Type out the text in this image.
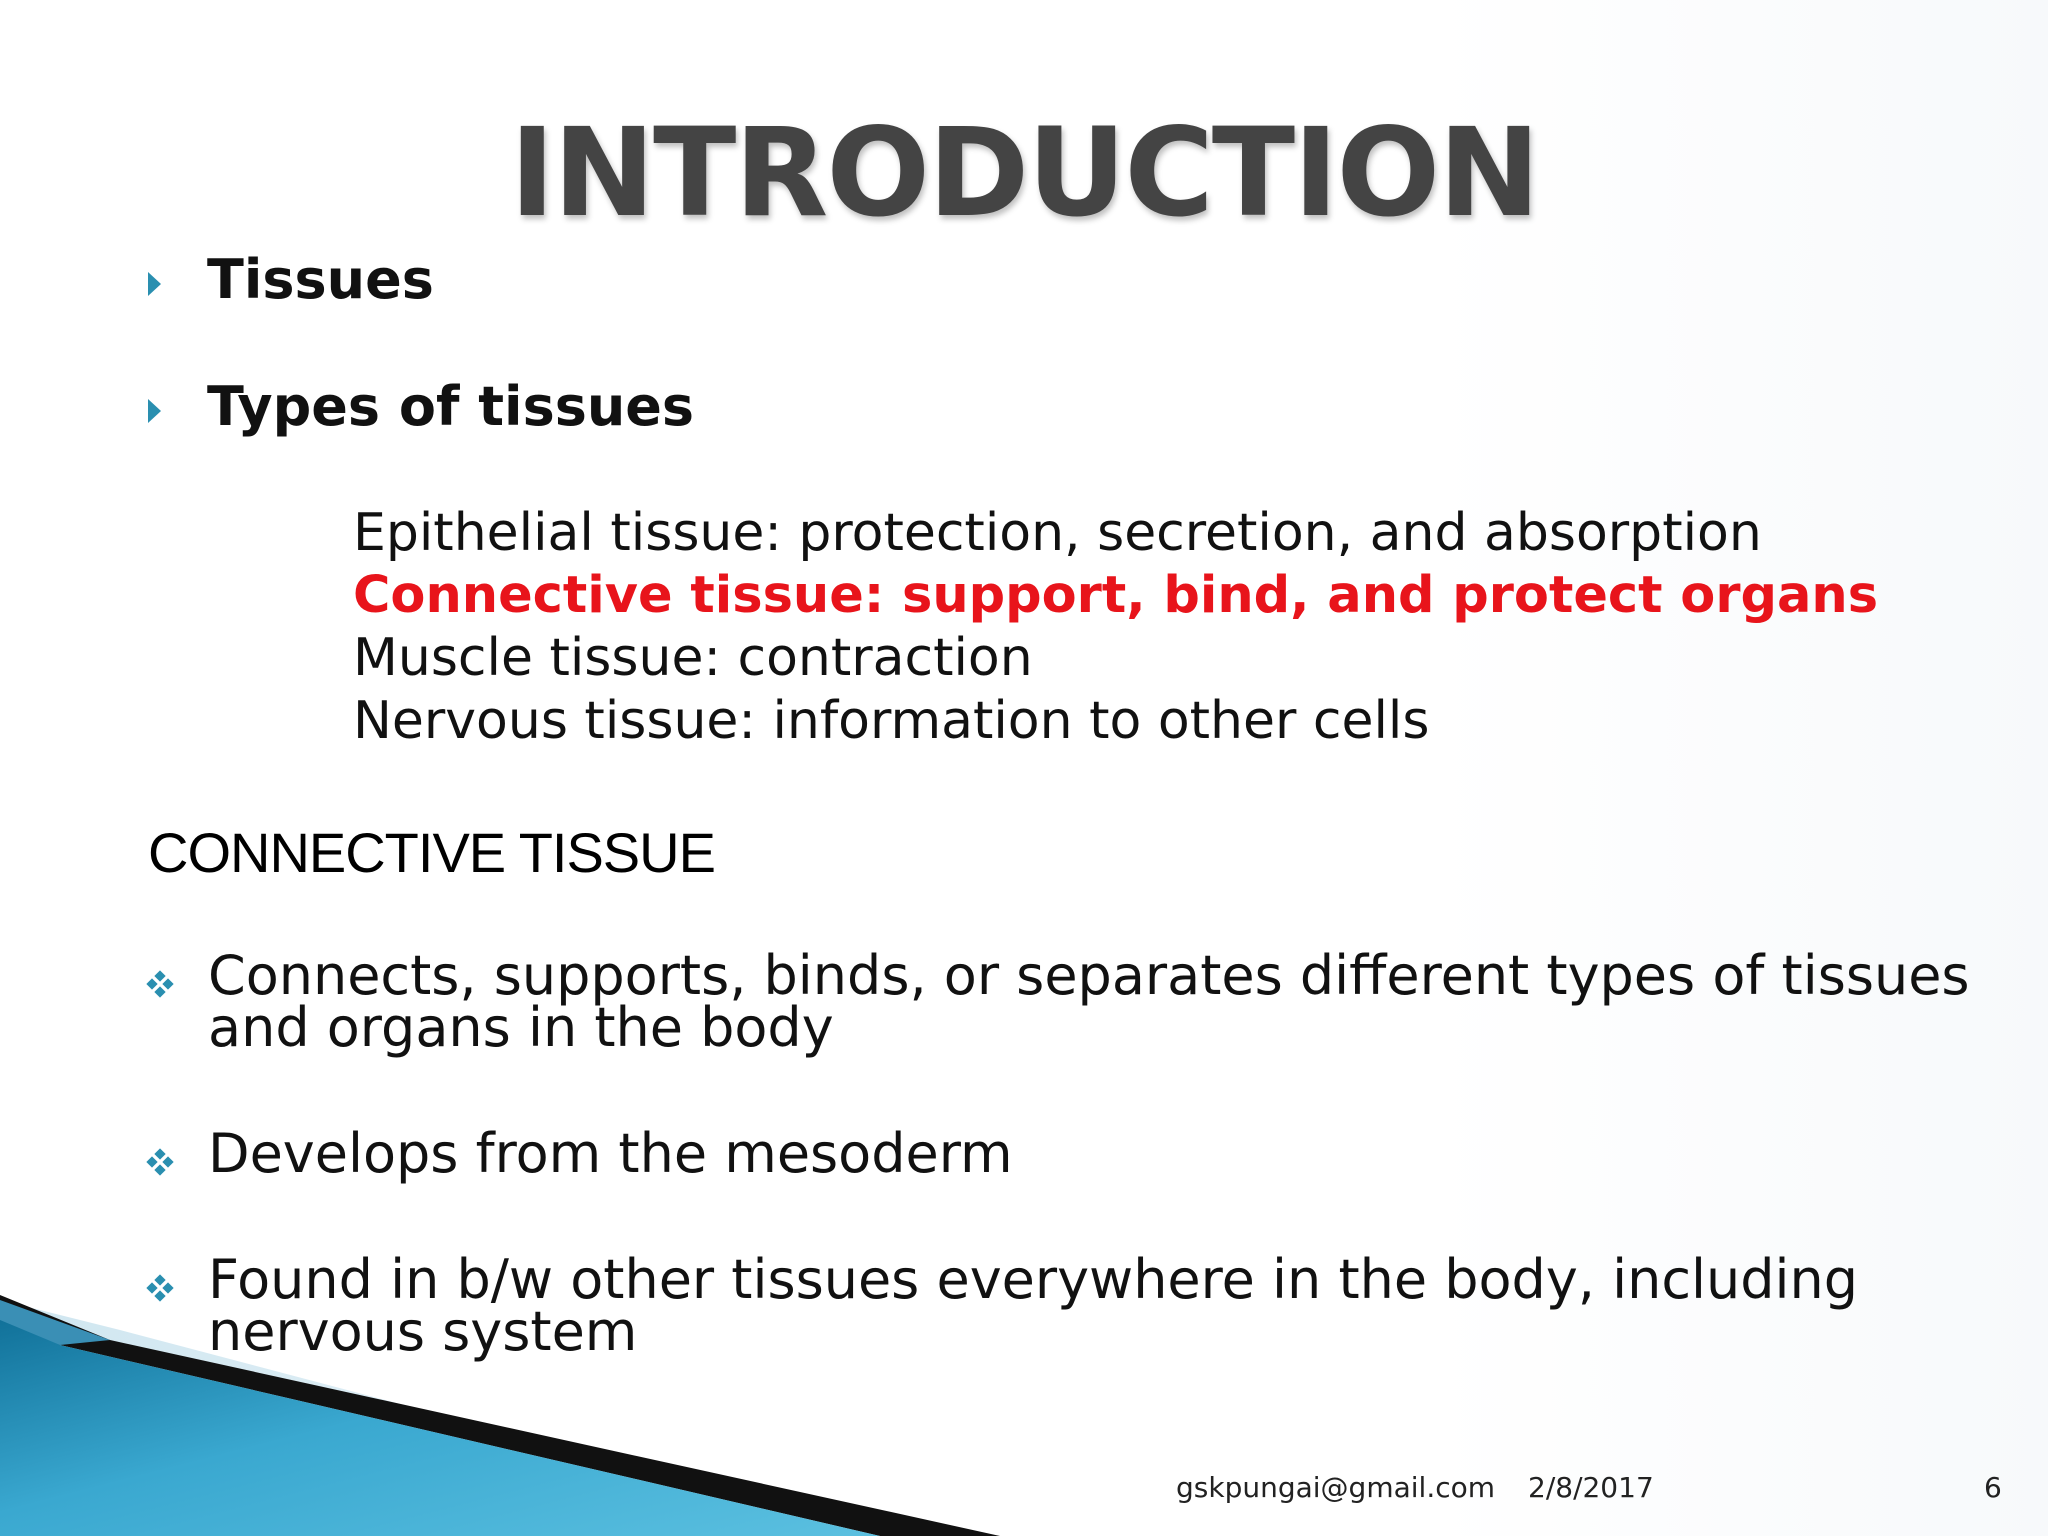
INTRODUCTION
Tissues
Types of tissues
Epithelial tissue: protection, secretion, and absorption
Connective tissue: support, bind, and protect organs
Muscle tissue: contraction
Nervous tissue: information to other cells
CONNECTIVE TISSUE
Connects, supports, binds, or separates different types of tissues
and organs in the body
Develops from the mesoderm
Found in b/w other tissues everywhere in the body, including
nervous system
gskpungai@gmail.com 2/8/2017	6
